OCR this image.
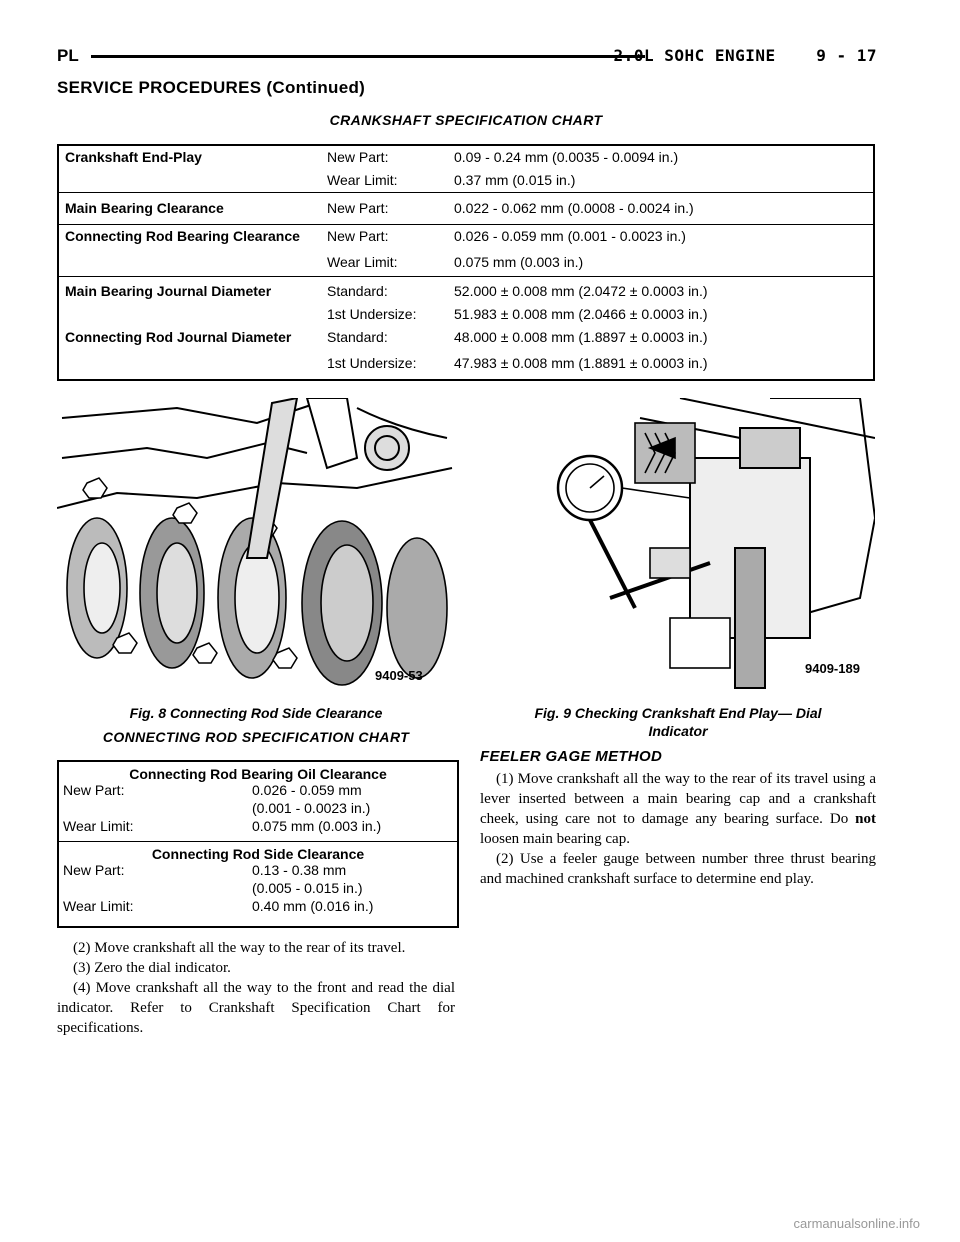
PL	2.0L SOHC ENGINE    9 - 17
SERVICE PROCEDURES (Continued)
CRANKSHAFT SPECIFICATION CHART
Crankshaft End-Play	New Part:	0.09 - 0.24 mm (0.0035 - 0.0094 in.)
	Wear Limit:	0.37 mm (0.015 in.)
Main Bearing Clearance	New Part:	0.022 - 0.062 mm (0.0008 - 0.0024 in.)
Connecting Rod Bearing Clearance	New Part:	0.026 - 0.059 mm (0.001 - 0.0023 in.)
	Wear Limit:	0.075 mm (0.003 in.)
Main Bearing Journal Diameter	Standard:	52.000 ± 0.008 mm (2.0472 ± 0.0003 in.)
	1st Undersize:	51.983 ± 0.008 mm (2.0466 ± 0.0003 in.)
Connecting Rod Journal Diameter	Standard:	48.000 ± 0.008 mm (1.8897 ± 0.0003 in.)
	1st Undersize:	47.983 ± 0.008 mm (1.8891 ± 0.0003 in.)
9409-53
Fig. 8 Connecting Rod Side Clearance
9409-189
Fig. 9 Checking Crankshaft End Play— Dial
Indicator
CONNECTING ROD SPECIFICATION CHART
Connecting Rod Bearing Oil Clearance
New Part:	0.026 - 0.059 mm
(0.001 - 0.0023 in.)
Wear Limit:	0.075 mm (0.003 in.)
Connecting Rod Side Clearance
New Part:	0.13 - 0.38 mm
(0.005 - 0.015 in.)
Wear Limit:	0.40 mm (0.016 in.)

(2) Move crankshaft all the way to the rear of its travel.

(3) Zero the dial indicator.

(4) Move crankshaft all the way to the front and read the dial indicator. Refer to Crankshaft Specification Chart for specifications.

FEELER GAGE METHOD

(1) Move crankshaft all the way to the rear of its travel using a lever inserted between a main bearing cap and a crankshaft cheek, using care not to damage any bearing surface. Do not loosen main bearing cap.

(2) Use a feeler gauge between number three thrust bearing and machined crankshaft surface to determine end play.

carmanualsonline.info
